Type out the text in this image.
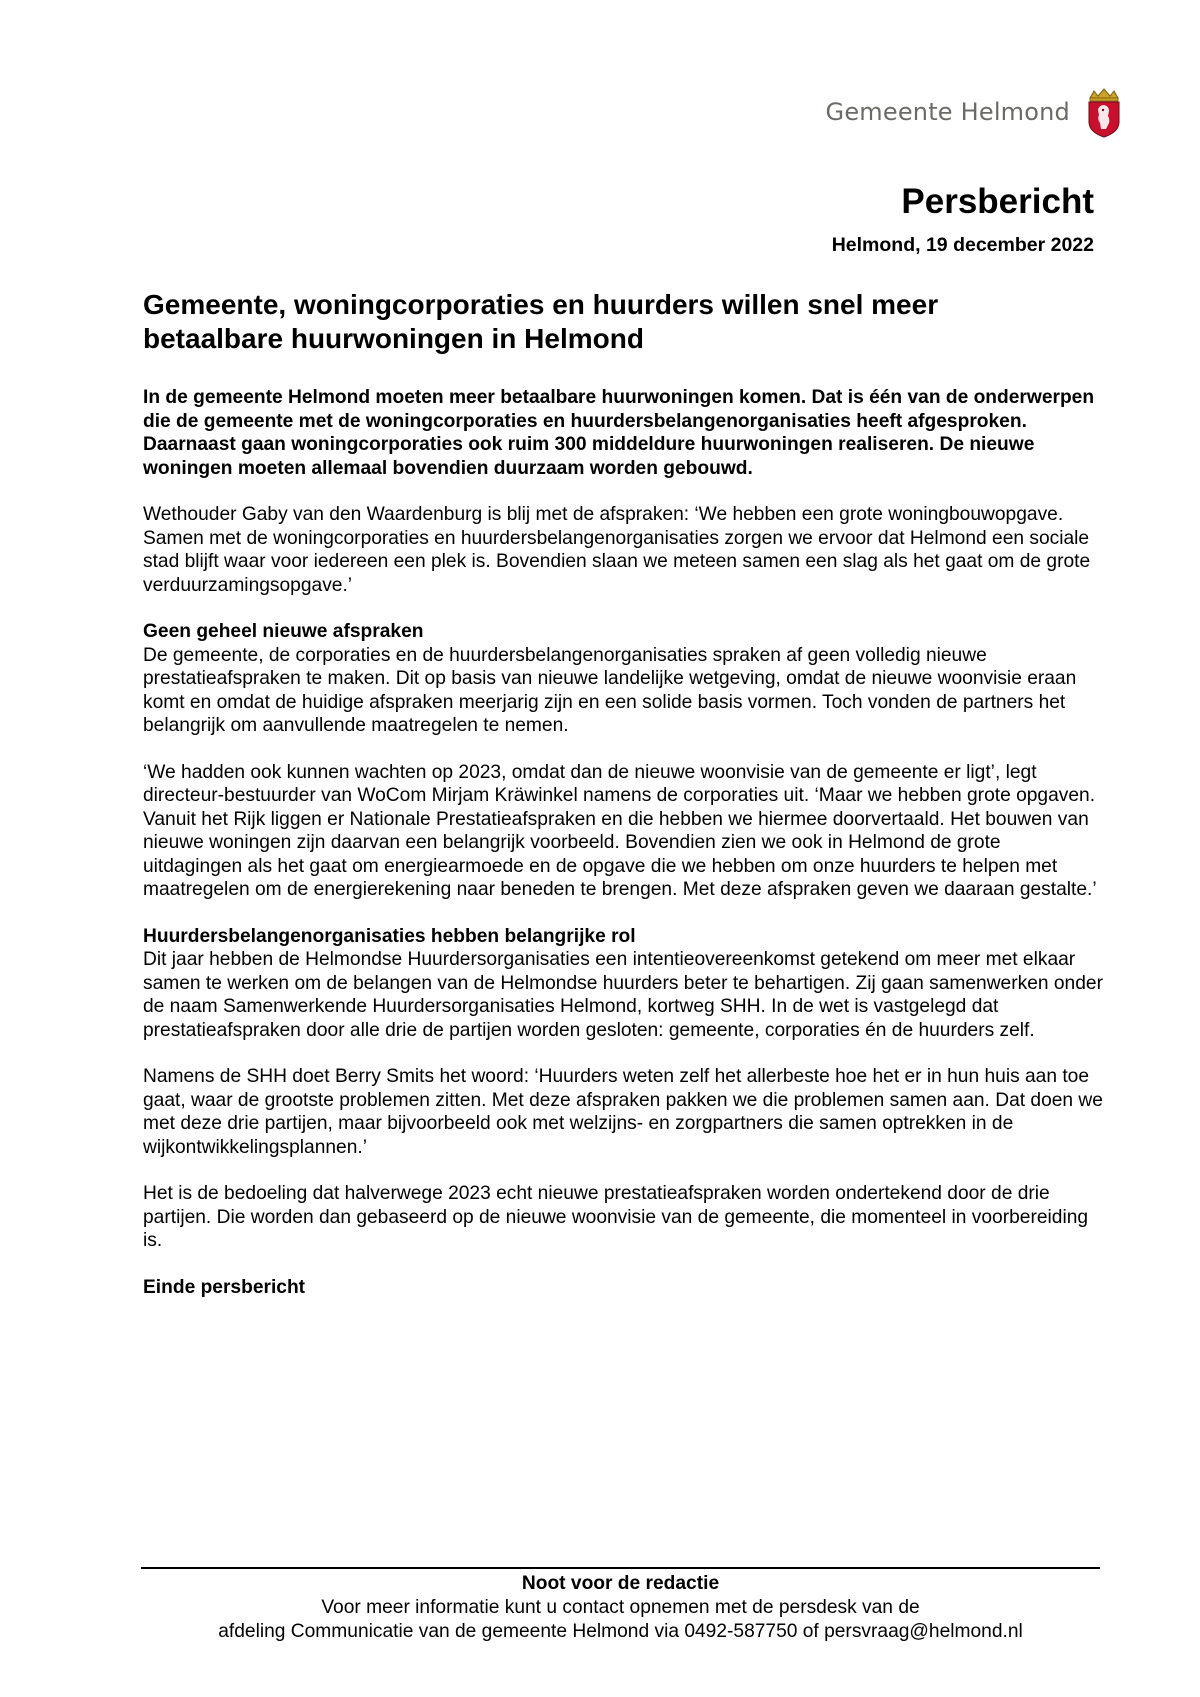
Gemeente Helmond
Persbericht
Helmond, 19 december 2022
Gemeente, woningcorporaties en huurders willen snel meer betaalbare huurwoningen in Helmond

In de gemeente Helmond moeten meer betaalbare huurwoningen komen. Dat is één van de onderwerpen die de gemeente met de woningcorporaties en huurdersbelangenorganisaties heeft afgesproken. Daarnaast gaan woningcorporaties ook ruim 300 middeldure huurwoningen realiseren. De nieuwe woningen moeten allemaal bovendien duurzaam worden gebouwd.

Wethouder Gaby van den Waardenburg is blij met de afspraken: ‘We hebben een grote woningbouwopgave. Samen met de woningcorporaties en huurdersbelangenorganisaties zorgen we ervoor dat Helmond een sociale stad blijft waar voor iedereen een plek is. Bovendien slaan we meteen samen een slag als het gaat om de grote verduurzamingsopgave.’

Geen geheel nieuwe afspraken
De gemeente, de corporaties en de huurdersbelangenorganisaties spraken af geen volledig nieuwe prestatieafspraken te maken. Dit op basis van nieuwe landelijke wetgeving, omdat de nieuwe woonvisie eraan komt en omdat de huidige afspraken meerjarig zijn en een solide basis vormen. Toch vonden de partners het belangrijk om aanvullende maatregelen te nemen.

‘We hadden ook kunnen wachten op 2023, omdat dan de nieuwe woonvisie van de gemeente er ligt’, legt directeur-bestuurder van WoCom Mirjam Kräwinkel namens de corporaties uit. ‘Maar we hebben grote opgaven. Vanuit het Rijk liggen er Nationale Prestatieafspraken en die hebben we hiermee doorvertaald. Het bouwen van nieuwe woningen zijn daarvan een belangrijk voorbeeld. Bovendien zien we ook in Helmond de grote uitdagingen als het gaat om energiearmoede en de opgave die we hebben om onze huurders te helpen met maatregelen om de energierekening naar beneden te brengen. Met deze afspraken geven we daaraan gestalte.’

Huurdersbelangenorganisaties hebben belangrijke rol
Dit jaar hebben de Helmondse Huurdersorganisaties een intentieovereenkomst getekend om meer met elkaar samen te werken om de belangen van de Helmondse huurders beter te behartigen. Zij gaan samenwerken onder de naam Samenwerkende Huurdersorganisaties Helmond, kortweg SHH. In de wet is vastgelegd dat prestatieafspraken door alle drie de partijen worden gesloten: gemeente, corporaties én de huurders zelf.

Namens de SHH doet Berry Smits het woord: ‘Huurders weten zelf het allerbeste hoe het er in hun huis aan toe gaat, waar de grootste problemen zitten. Met deze afspraken pakken we die problemen samen aan. Dat doen we met deze drie partijen, maar bijvoorbeeld ook met welzijns- en zorgpartners die samen optrekken in de wijkontwikkelingsplannen.’

Het is de bedoeling dat halverwege 2023 echt nieuwe prestatieafspraken worden ondertekend door de drie partijen. Die worden dan gebaseerd op de nieuwe woonvisie van de gemeente, die momenteel in voorbereiding is.

Einde persbericht

Noot voor de redactie
Voor meer informatie kunt u contact opnemen met de persdesk van de
afdeling Communicatie van de gemeente Helmond via 0492-587750 of persvraag@helmond.nl
